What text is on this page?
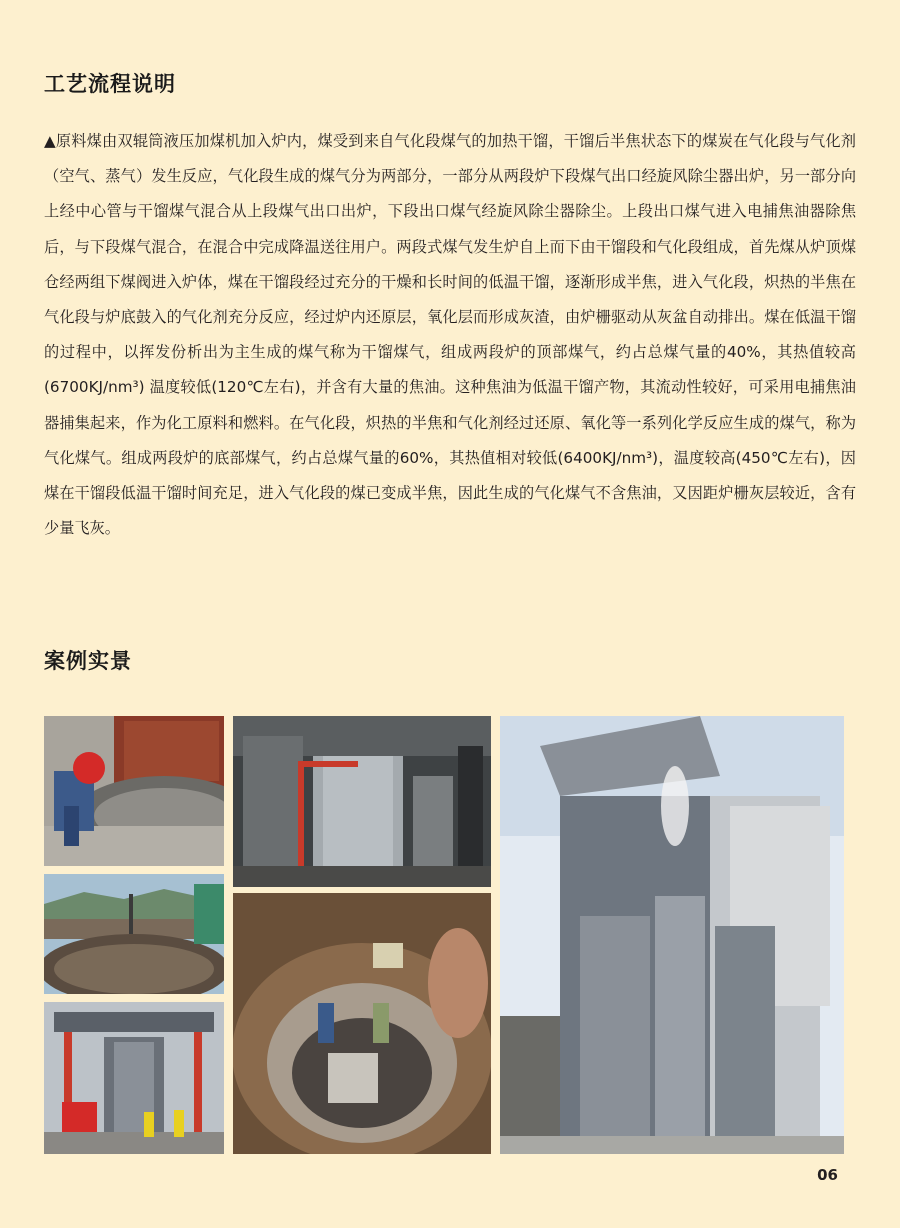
工艺流程说明

▲原料煤由双辊筒液压加煤机加入炉内，煤受到来自气化段煤气的加热干馏，干馏后半焦状态下的煤炭在气化段与气化剂（空气、蒸气）发生反应，气化段生成的煤气分为两部分，一部分从两段炉下段煤气出口经旋风除尘器出炉，另一部分向上经中心管与干馏煤气混合从上段煤气出口出炉，下段出口煤气经旋风除尘器除尘。上段出口煤气进入电捕焦油器除焦后，与下段煤气混合，在混合中完成降温送往用户。两段式煤气发生炉自上而下由干馏段和气化段组成，首先煤从炉顶煤仓经两组下煤阀进入炉体，煤在干馏段经过充分的干燥和长时间的低温干馏，逐渐形成半焦，进入气化段，炽热的半焦在气化段与炉底鼓入的气化剂充分反应，经过炉内还原层，氧化层而形成灰渣，由炉栅驱动从灰盆自动排出。煤在低温干馏的过程中，以挥发份析出为主生成的煤气称为干馏煤气，组成两段炉的顶部煤气，约占总煤气量的40%，其热值较高(6700KJ/nm³) 温度较低(120℃左右)，并含有大量的焦油。这种焦油为低温干馏产物，其流动性较好，可采用电捕焦油器捕集起来，作为化工原料和燃料。在气化段，炽热的半焦和气化剂经过还原、氧化等一系列化学反应生成的煤气，称为气化煤气。组成两段炉的底部煤气，约占总煤气量的60%，其热值相对较低(6400KJ/nm³)，温度较高(450℃左右)，因煤在干馏段低温干馏时间充足，进入气化段的煤已变成半焦，因此生成的气化煤气不含焦油，又因距炉栅灰层较近，含有少量飞灰。

案例实景
06
